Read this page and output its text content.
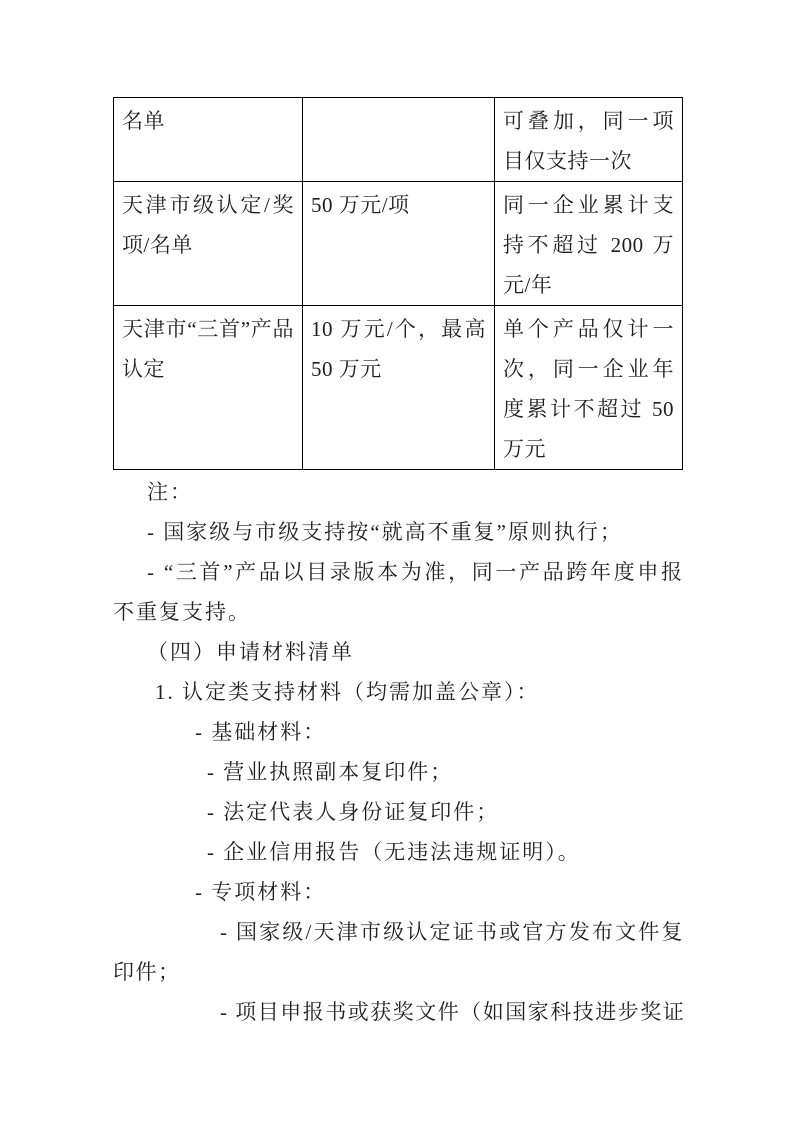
名单		可叠加，同一项目仅支持一次
天津市级认定/奖项/名单	50 万元/项	同一企业累计支持不超过 200 万元/年
天津市“三首”产品认定	10 万元/个，最高 50 万元	单个产品仅计一次，同一企业年度累计不超过 50 万元

注：

- 国家级与市级支持按“就高不重复”原则执行；

- “三首”产品以目录版本为准，同一产品跨年度申报不重复支持。

（四）申请材料清单

1. 认定类支持材料（均需加盖公章）：

- 基础材料：

- 营业执照副本复印件；

- 法定代表人身份证复印件；

- 企业信用报告（无违法违规证明）。

- 专项材料：

- 国家级/天津市级认定证书或官方发布文件复印件；

- 项目申报书或获奖文件（如国家科技进步奖证
